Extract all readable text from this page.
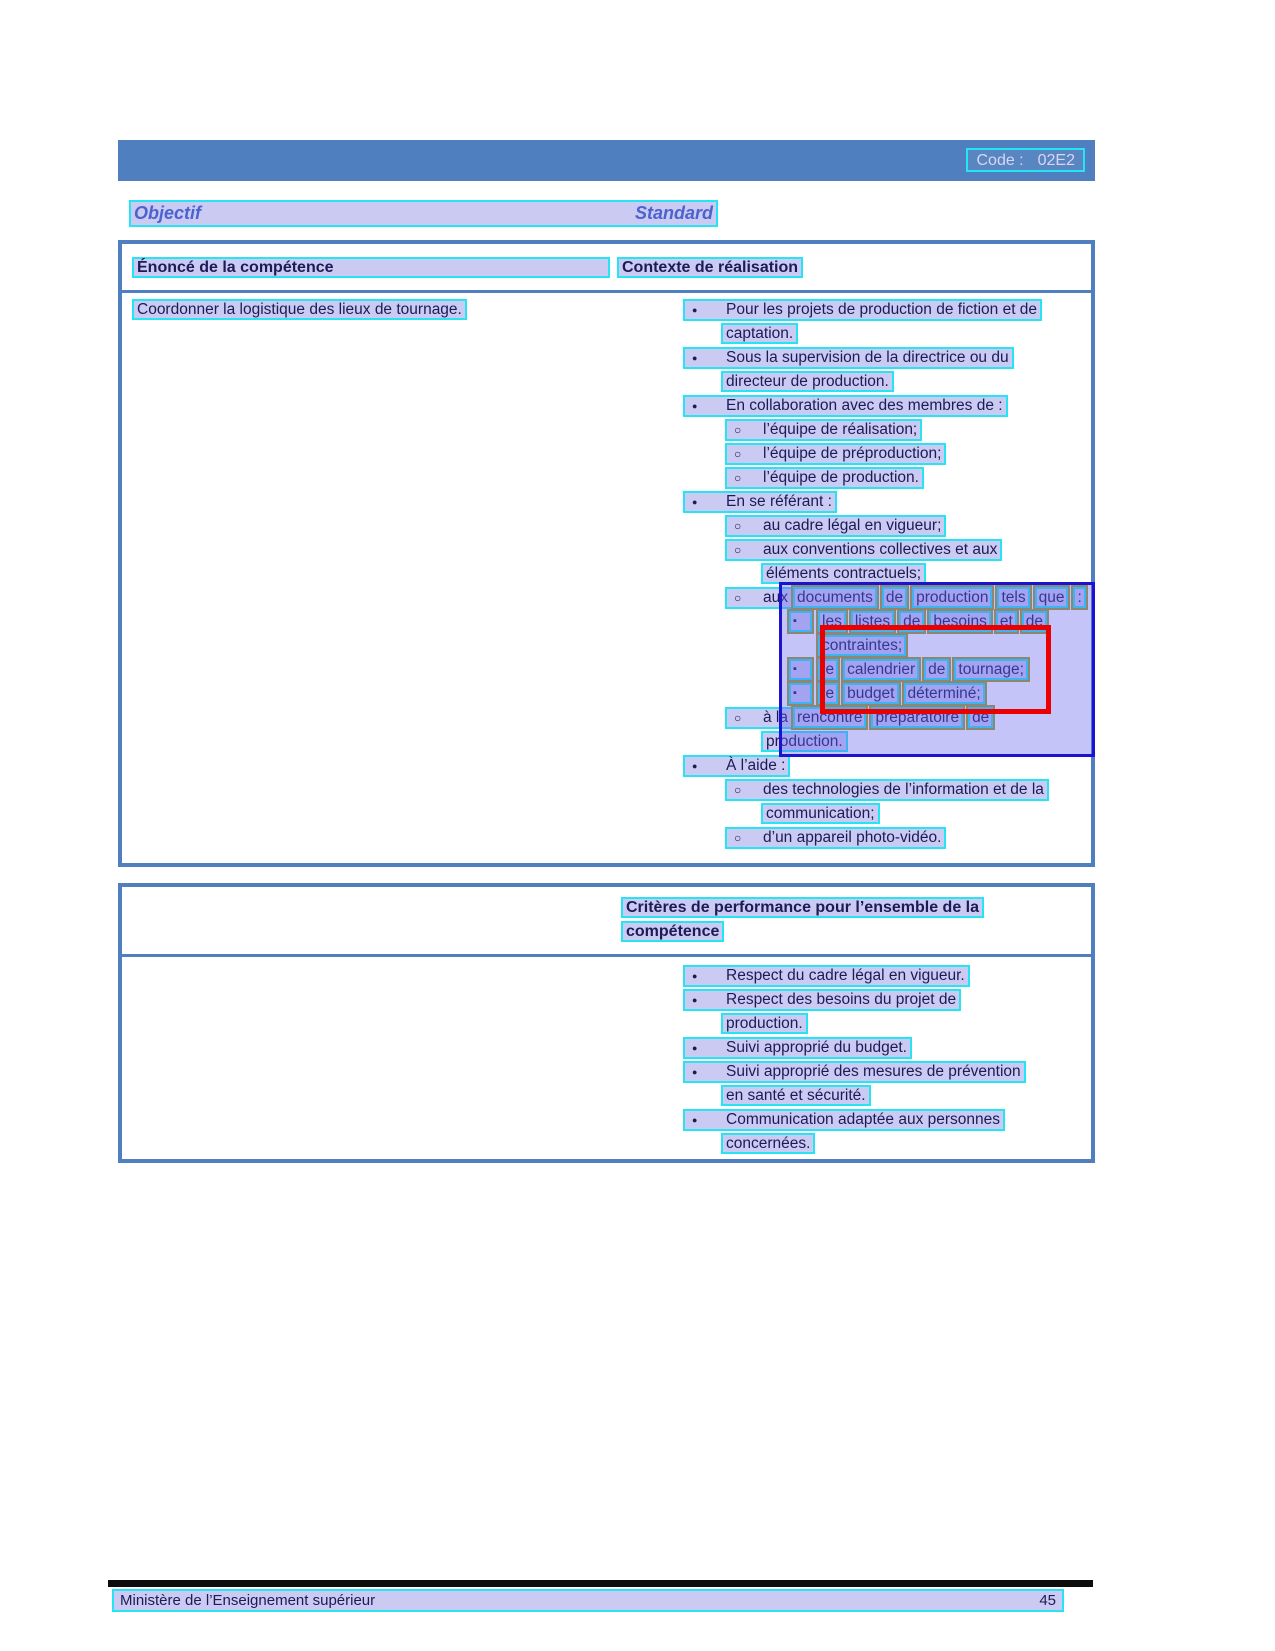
Code : 02E2
Objectif	Standard
Énoncé de la compétence	Contexte de réalisation
Coordonner la logistique des lieux de tournage.	● Pour les projets de production de fiction et de
captation.
● Sous la supervision de la directrice ou du
directeur de production.
● En collaboration avec des membres de :
○ l’équipe de réalisation;
○ l’équipe de préproduction;
○ l’équipe de production.
● En se référant :
○ au cadre légal en vigueur;
○ aux conventions collectives et aux
éléments contractuels;
○ aux documents de production tels que :
▪ les listes de besoins et de
contraintes;
▪ le calendrier de tournage;
▪ le budget déterminé;
○ à la rencontre préparatoire de
production.
● À l’aide :
○ des technologies de l’information et de la
communication;
○ d’un appareil photo-vidéo.
Critères de performance pour l’ensemble de la
compétence
● Respect du cadre légal en vigueur.
● Respect des besoins du projet de
production.
● Suivi approprié du budget.
● Suivi approprié des mesures de prévention
en santé et sécurité.
● Communication adaptée aux personnes
concernées.
Ministère de l’Enseignement supérieur	45
